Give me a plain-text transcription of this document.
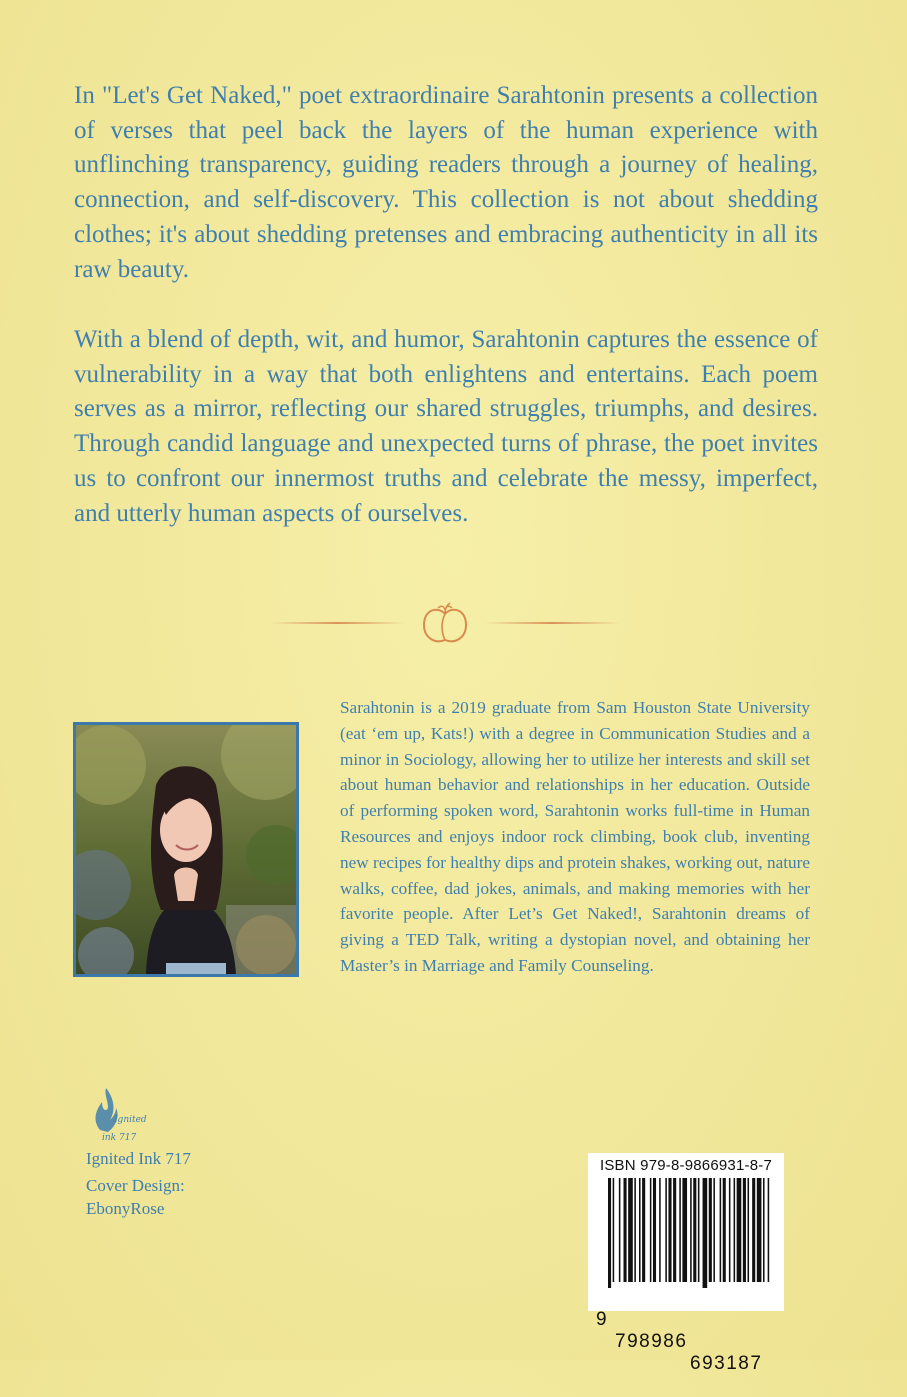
In "Let's Get Naked," poet extraordinaire Sarahtonin presents a collection of verses that peel back the layers of the human experience with unflinching transparency, guiding readers through a journey of healing, connection, and self-discovery. This collection is not about shedding clothes; it's about shedding pretenses and embracing authenticity in all its raw beauty.

With a blend of depth, wit, and humor, Sarahtonin captures the essence of vulnerability in a way that both enlightens and entertains. Each poem serves as a mirror, reflecting our shared struggles, triumphs, and desires. Through candid language and unexpected turns of phrase, the poet invites us to confront our innermost truths and celebrate the messy, imperfect, and utterly human aspects of ourselves.

Sarahtonin is a 2019 graduate from Sam Houston State University (eat ‘em up, Kats!) with a degree in Communication Studies and a minor in Sociology, allowing her to utilize her interests and skill set about human behavior and relationships in her education. Outside of performing spoken word, Sarahtonin works full-time in Human Resources and enjoys indoor rock climbing, book club, inventing new recipes for healthy dips and protein shakes, working out, nature walks, coffee, dad jokes, animals, and making memories with her favorite people. After Let’s Get Naked!, Sarahtonin dreams of giving a TED Talk, writing a dystopian novel, and obtaining her Master’s in Marriage and Family Counseling.

Ignited
ink 717

Ignited Ink 717

Cover Design:
EbonyRose

ISBN 979-8-9866931-8-7

9

798986

693187
